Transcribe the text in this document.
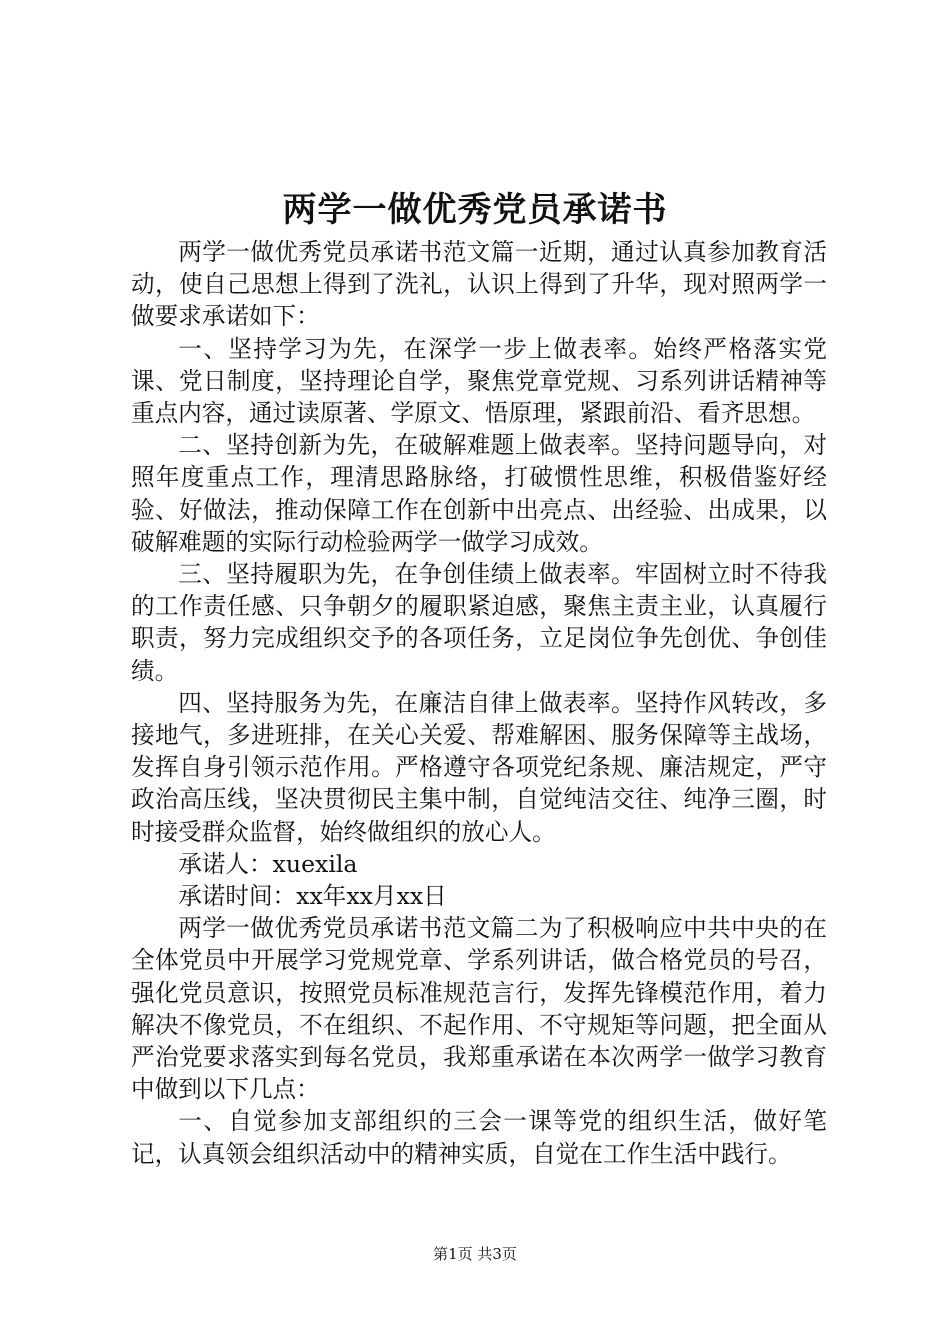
两学一做优秀党员承诺书

两学一做优秀党员承诺书范文篇一近期，通过认真参加教育活动，使自己思想上得到了洗礼，认识上得到了升华，现对照两学一做要求承诺如下：

一、坚持学习为先，在深学一步上做表率。始终严格落实党课、党日制度，坚持理论自学，聚焦党章党规、习系列讲话精神等重点内容，通过读原著、学原文、悟原理，紧跟前沿、看齐思想。

二、坚持创新为先，在破解难题上做表率。坚持问题导向，对照年度重点工作，理清思路脉络，打破惯性思维，积极借鉴好经验、好做法，推动保障工作在创新中出亮点、出经验、出成果，以破解难题的实际行动检验两学一做学习成效。

三、坚持履职为先，在争创佳绩上做表率。牢固树立时不待我的工作责任感、只争朝夕的履职紧迫感，聚焦主责主业，认真履行职责，努力完成组织交予的各项任务，立足岗位争先创优、争创佳绩。

四、坚持服务为先，在廉洁自律上做表率。坚持作风转改，多接地气，多进班排，在关心关爱、帮难解困、服务保障等主战场，发挥自身引领示范作用。严格遵守各项党纪条规、廉洁规定，严守政治高压线，坚决贯彻民主集中制，自觉纯洁交往、纯净三圈，时时接受群众监督，始终做组织的放心人。

承诺人：xuexila

承诺时间：xx年xx月xx日

两学一做优秀党员承诺书范文篇二为了积极响应中共中央的在全体党员中开展学习党规党章、学系列讲话，做合格党员的号召，强化党员意识，按照党员标准规范言行，发挥先锋模范作用，着力解决不像党员，不在组织、不起作用、不守规矩等问题，把全面从严治党要求落实到每名党员，我郑重承诺在本次两学一做学习教育中做到以下几点：

一、自觉参加支部组织的三会一课等党的组织生活，做好笔记，认真领会组织活动中的精神实质，自觉在工作生活中践行。

第1页 共3页
